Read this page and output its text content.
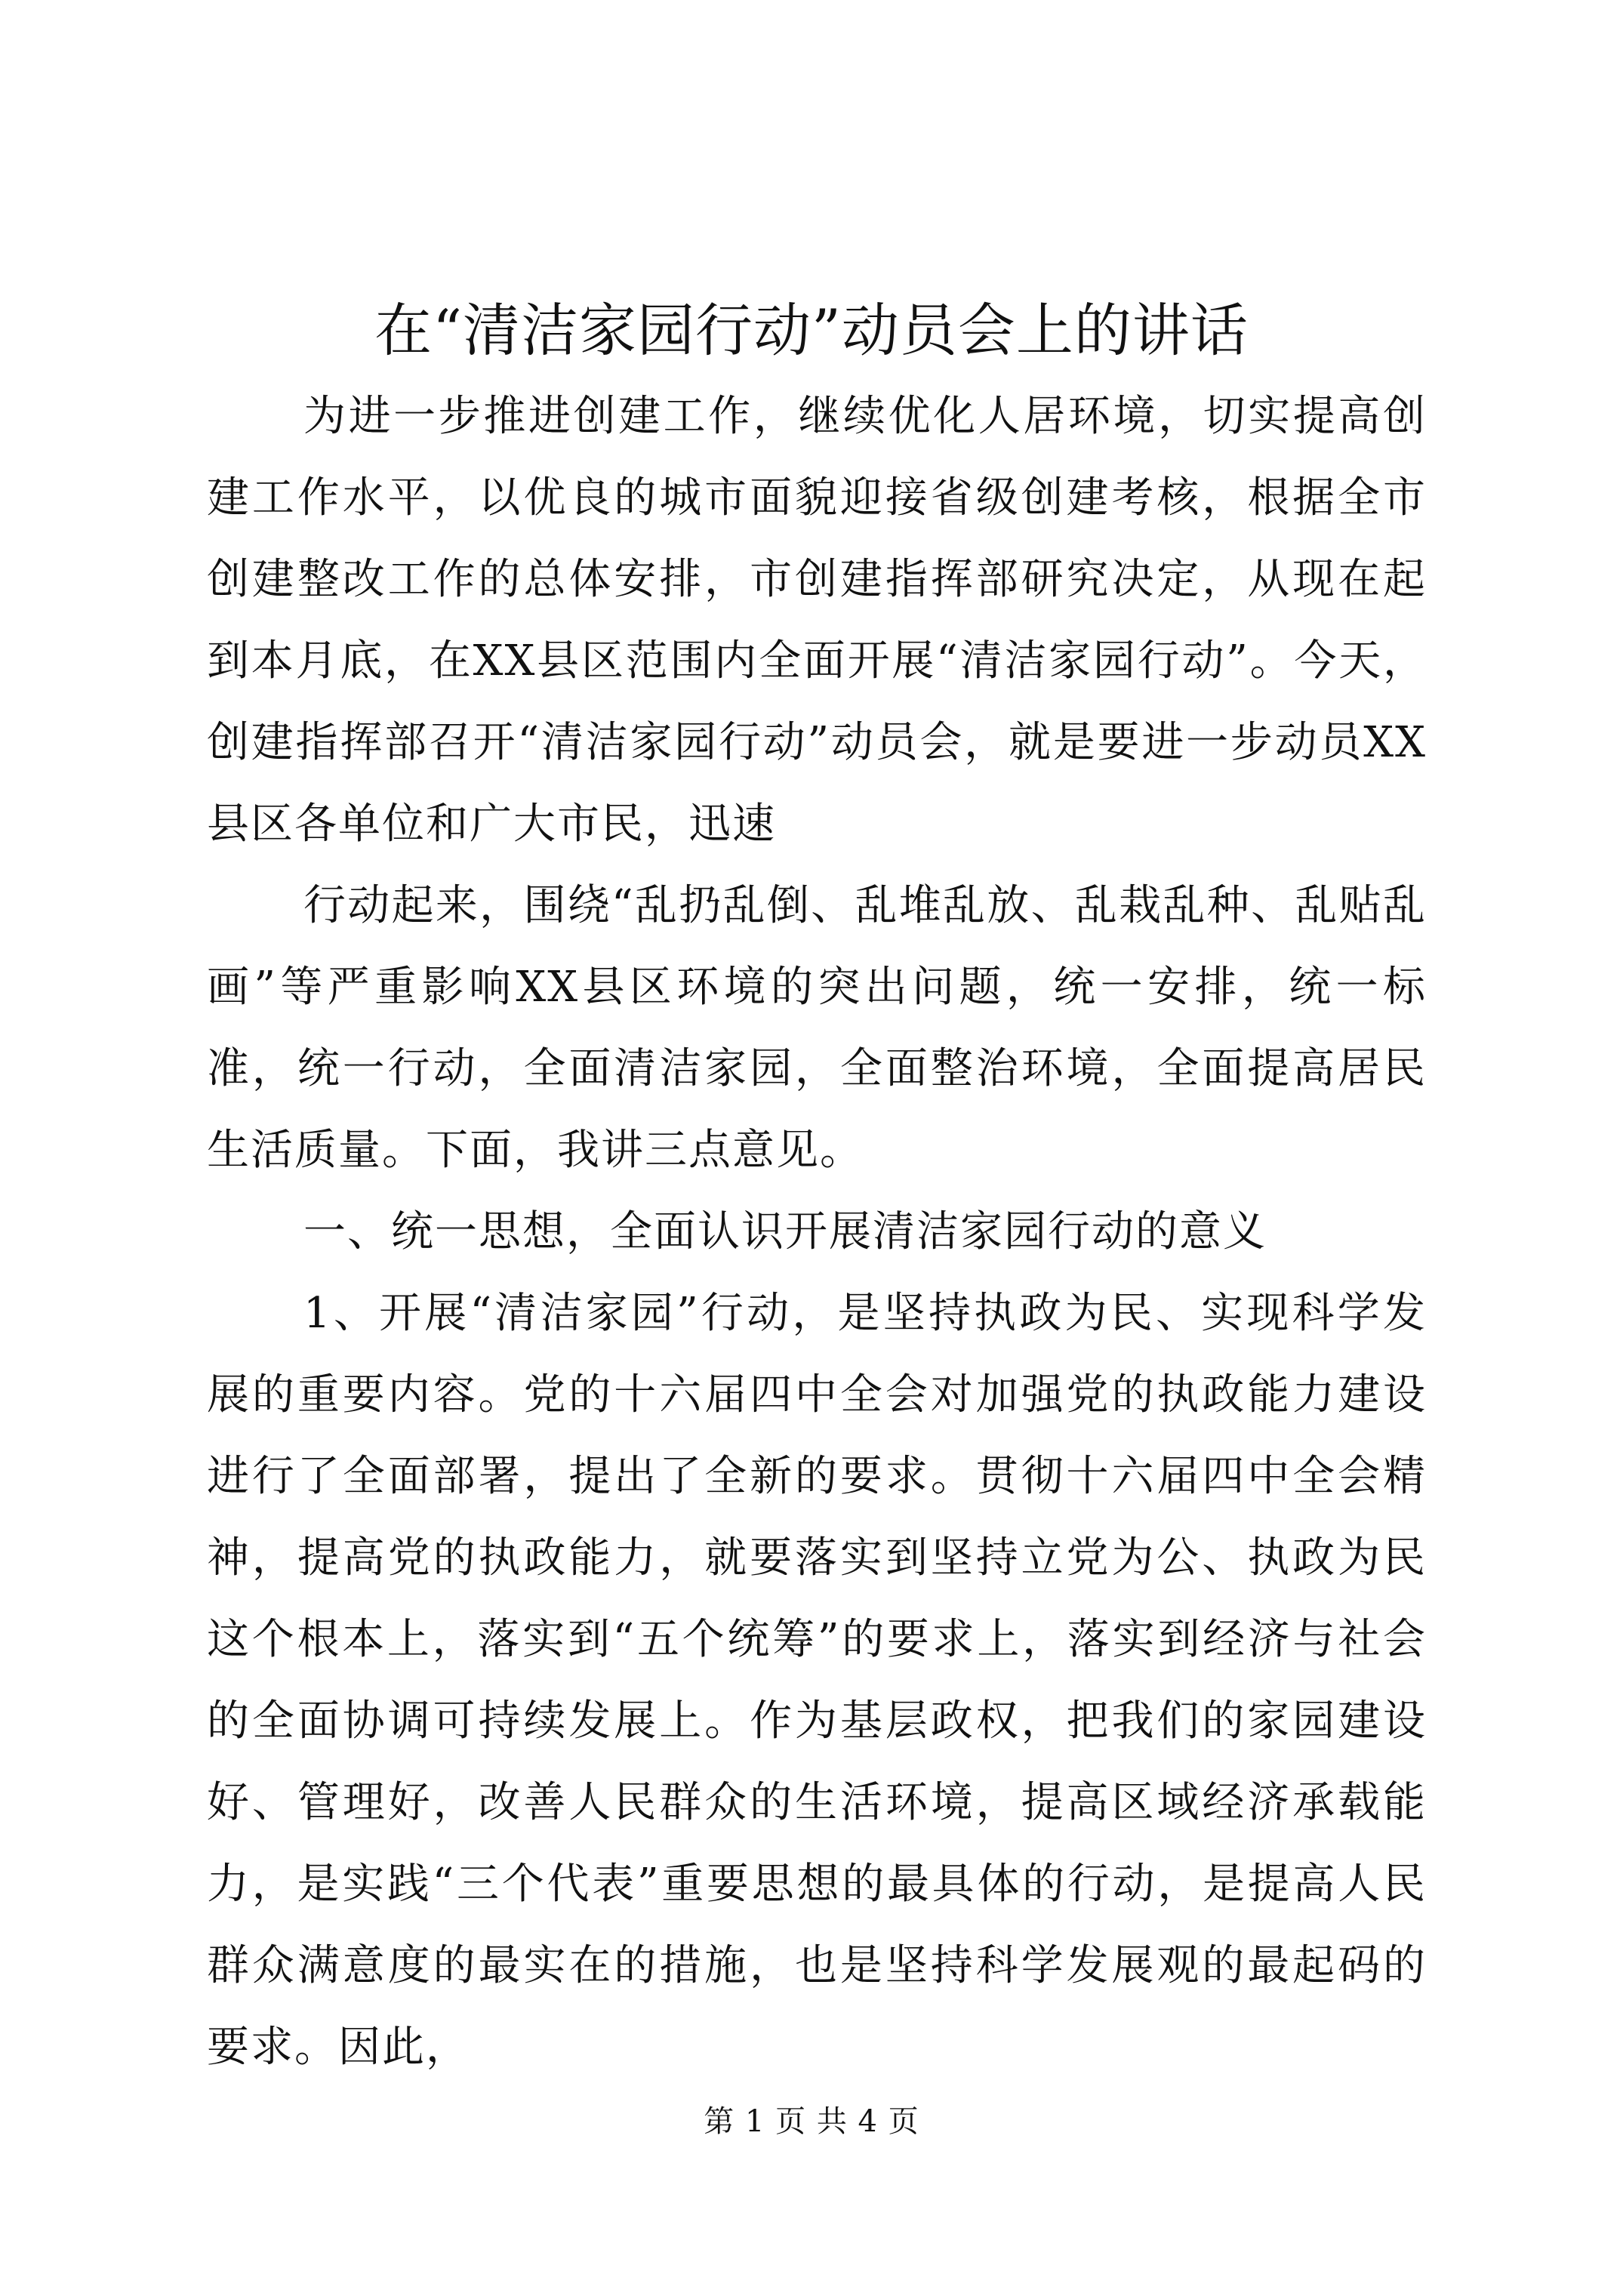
在“清洁家园行动”动员会上的讲话

为进一步推进创建工作，继续优化人居环境，切实提高创建工作水平，以优良的城市面貌迎接省级创建考核，根据全市创建整改工作的总体安排，市创建指挥部研究决定，从现在起到本月底，在XX县区范围内全面开展“清洁家园行动”。今天，创建指挥部召开“清洁家园行动”动员会，就是要进一步动员XX县区各单位和广大市民，迅速

行动起来，围绕“乱扔乱倒、乱堆乱放、乱栽乱种、乱贴乱画”等严重影响XX县区环境的突出问题，统一安排，统一标准，统一行动，全面清洁家园，全面整治环境，全面提高居民生活质量。下面，我讲三点意见。

一、统一思想，全面认识开展清洁家园行动的意义

1、开展“清洁家园”行动，是坚持执政为民、实现科学发展的重要内容。党的十六届四中全会对加强党的执政能力建设进行了全面部署，提出了全新的要求。贯彻十六届四中全会精神，提高党的执政能力，就要落实到坚持立党为公、执政为民这个根本上，落实到“五个统筹”的要求上，落实到经济与社会的全面协调可持续发展上。作为基层政权，把我们的家园建设好、管理好，改善人民群众的生活环境，提高区域经济承载能力，是实践“三个代表”重要思想的最具体的行动，是提高人民群众满意度的最实在的措施，也是坚持科学发展观的最起码的要求。因此，

第 1 页 共 4 页
